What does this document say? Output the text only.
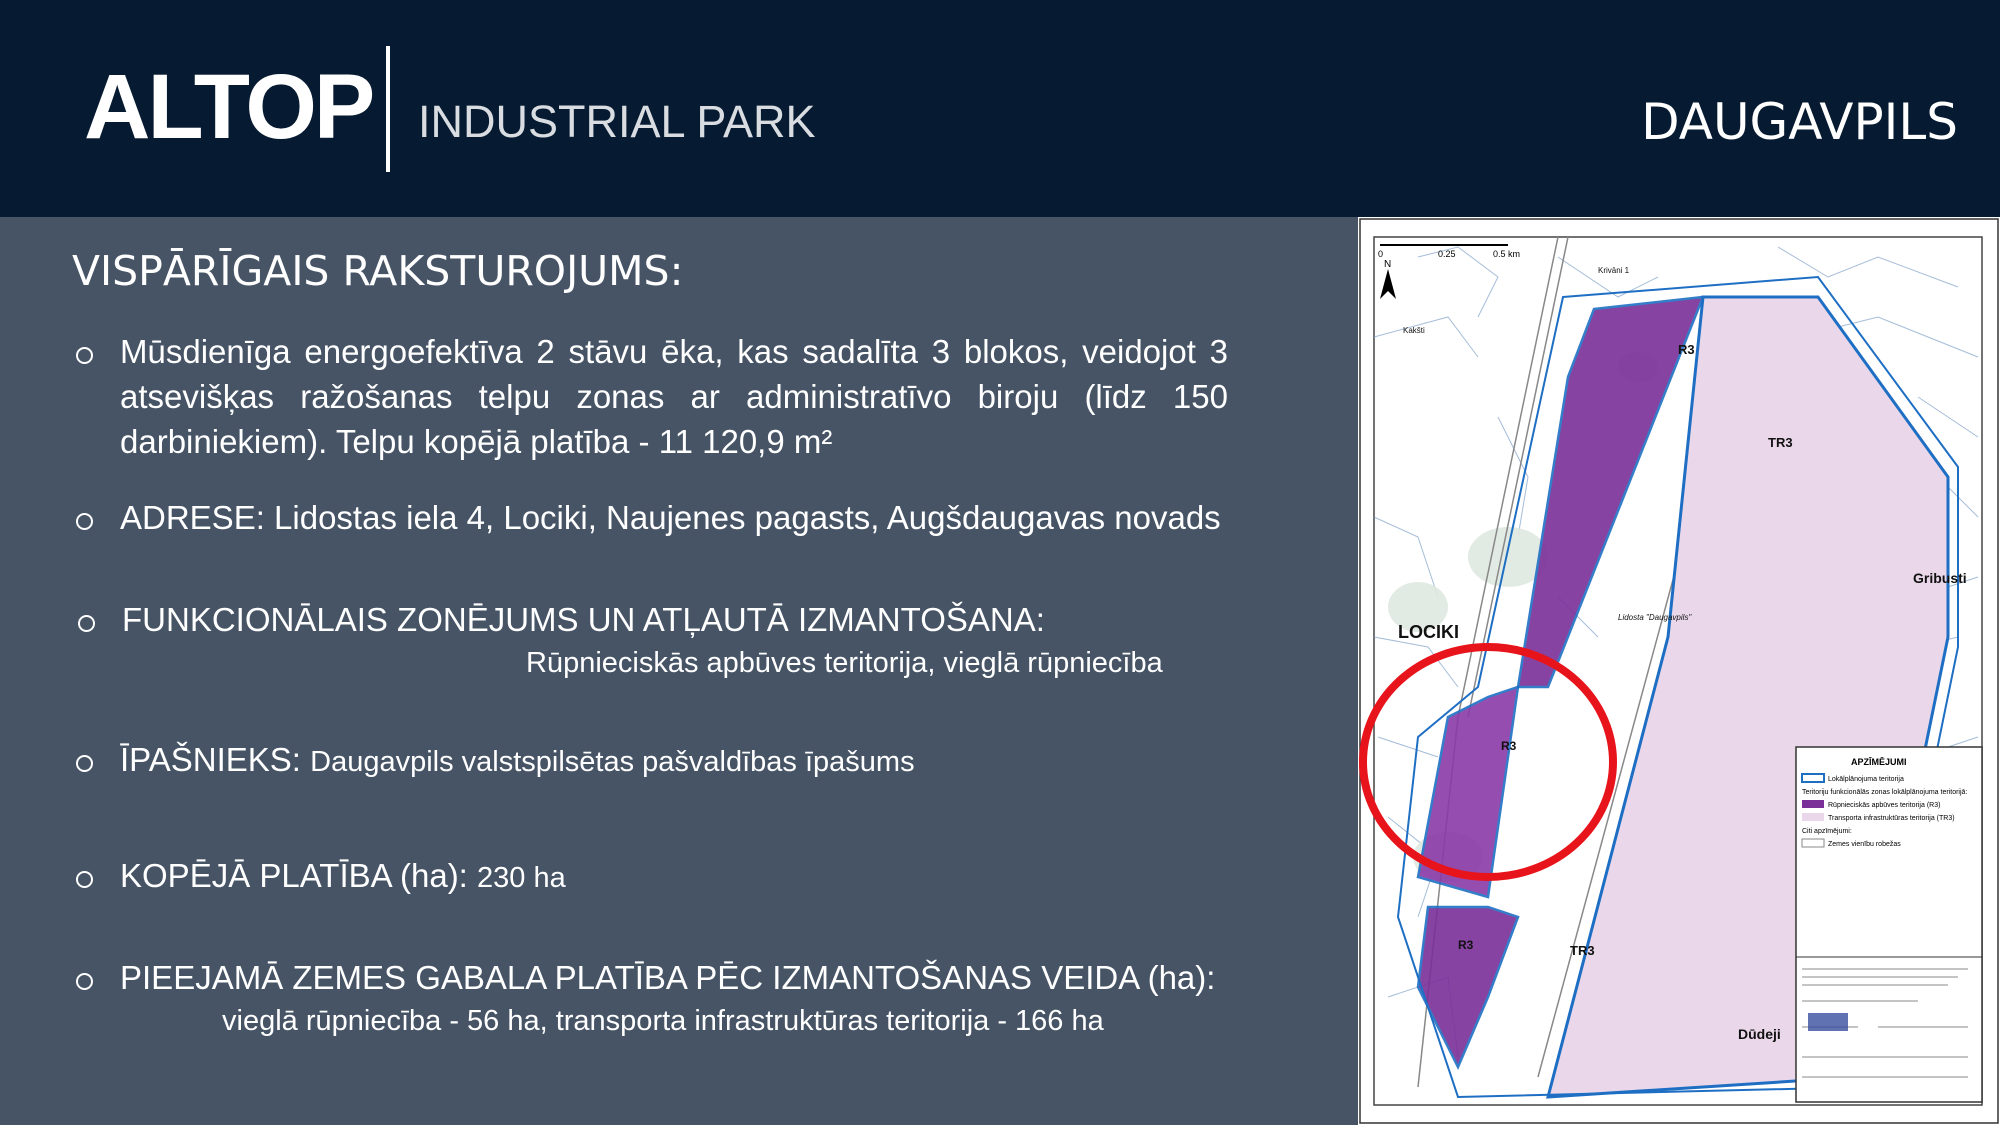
ALTOP INDUSTRIAL PARK	DAUGAVPILS
VISPĀRĪGAIS RAKSTUROJUMS:
Mūsdienīga energoefektīva 2 stāvu ēka, kas sadalīta 3 blokos, veidojot 3 atsevišķas ražošanas telpu zonas ar administratīvo biroju (līdz 150 darbiniekiem). Telpu kopējā platība - 11 120,9 m²
ADRESE: Lidostas iela 4, Lociki, Naujenes pagasts, Augšdaugavas novads
FUNKCIONĀLAIS ZONĒJUMS UN ATĻAUTĀ IZMANTOŠANA:
Rūpnieciskās apbūves teritorija, vieglā rūpniecība
ĪPAŠNIEKS: Daugavpils valstspilsētas pašvaldības īpašums
KOPĒJĀ PLATĪBA (ha): 230 ha
PIEEJAMĀ ZEMES GABALA PLATĪBA PĒC IZMANTOŠANAS VEIDA (ha):
vieglā rūpniecība - 56 ha, transporta infrastruktūras teritorija - 166 ha
0	0.25	0.5 km
N
R3
TR3
R3
R3	TR3
LOCIKI
Gribusti
Dūdeji
Lidosta "Daugavpils"
Kakšti
Krivāni 1
APZĪMĒJUMI
Lokālplānojuma teritorija
Teritoriju funkcionālās zonas lokālplānojuma teritorijā:
Rūpnieciskās apbūves teritorija (R3)
Transporta infrastruktūras teritorija (TR3)
Citi apzīmējumi:
Zemes vienību robežas
